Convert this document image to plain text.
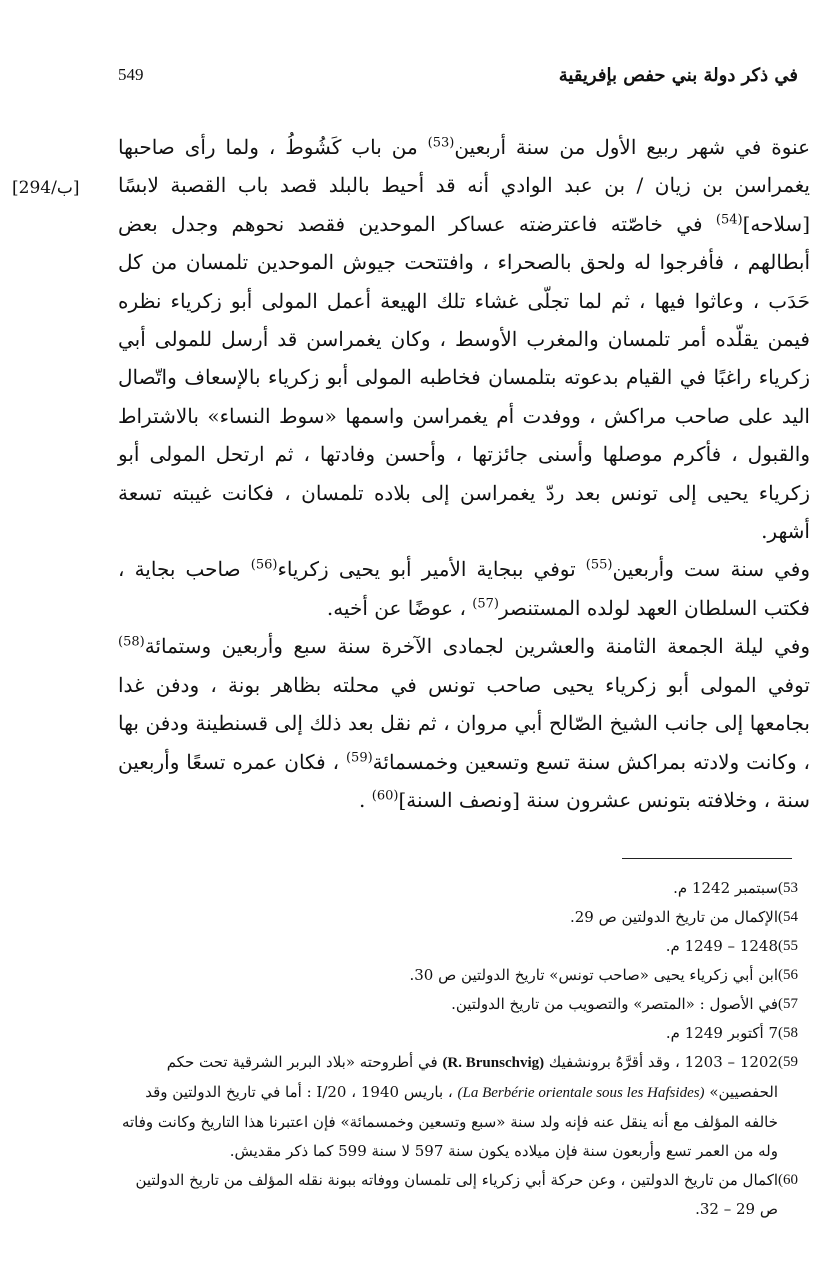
549	في ذكر دولة بني حفص بإفريقية
[294/ب]

عنوة في شهر ربيع الأول من سنة أربعين$^{(53)}$ من باب كَشُوطُ ، ولما رأى صاحبها يغمراسن بن زيان / بن عبد الوادي أنه قد أحيط بالبلد قصد باب القصبة لابسًا [سلاحه]$^{(54)}$ في خاصّته فاعترضته عساكر الموحدين فقصد نحوهم وجدل بعض أبطالهم ، فأفرجوا له ولحق بالصحراء ، وافتتحت جيوش الموحدين تلمسان من كل حَدَب ، وعاثوا فيها ، ثم لما تجلّى غشاء تلك الهيعة أعمل المولى أبو زكرياء نظره فيمن يقلّده أمر تلمسان والمغرب الأوسط ، وكان يغمراسن قد أرسل للمولى أبي زكرياء راغبًا في القيام بدعوته بتلمسان فخاطبه المولى أبو زكرياء بالإسعاف واتّصال اليد على صاحب مراكش ، ووفدت أم يغمراسن واسمها «سوط النساء» بالاشتراط والقبول ، فأكرم موصلها وأسنى جائزتها ، وأحسن وفادتها ، ثم ارتحل المولى أبو زكرياء يحيى إلى تونس بعد ردّ يغمراسن إلى بلاده تلمسان ، فكانت غيبته تسعة أشهر.

وفي سنة ست وأربعين$^{(55)}$ توفي ببجاية الأمير أبو يحيى زكرياء$^{(56)}$ صاحب بجاية ، فكتب السلطان العهد لولده المستنصر$^{(57)}$ ، عوضًا عن أخيه.

وفي ليلة الجمعة الثامنة والعشرين لجمادى الآخرة سنة سبع وأربعين وستمائة$^{(58)}$ توفي المولى أبو زكرياء يحيى صاحب تونس في محلته بظاهر بونة ، ودفن غدا بجامعها إلى جانب الشيخ الصّالح أبي مروان ، ثم نقل بعد ذلك إلى قسنطينة ودفن بها ، وكانت ولادته بمراكش سنة تسع وتسعين وخمسمائة$^{(59)}$ ، فكان عمره تسعًا وأربعين سنة ، وخلافته بتونس عشرون سنة [ونصف السنة]$^{(60)}$ .

(53
سبتمبر 1242 م.
(54
الإكمال من تاريخ الدولتين ص 29.
(55
1248 – 1249 م.
(56
ابن أبي زكرياء يحيى «صاحب تونس» تاريخ الدولتين ص 30.
(57
في الأصول : «المتصر» والتصويب من تاريخ الدولتين.
(58
7 أكتوبر 1249 م.
(59
1202 – 1203 ، وقد أقرَّهُ برونشفيك (R. Brunschvig) في أطروحته «بلاد البربر الشرقية تحت حكم الحفصيين» (La Berbérie orientale sous les Hafsides) ، باريس 1940 ، 20/I : أما في تاريخ الدولتين وقد خالفه المؤلف مع أنه ينقل عنه فإنه ولد سنة «سبع وتسعين وخمسمائة» فإن اعتبرنا هذا التاريخ وكانت وفاته وله من العمر تسع وأربعون سنة فإن ميلاده يكون سنة 597 لا سنة 599 كما ذكر مقديش.
(60
اكمال من تاريخ الدولتين ، وعن حركة أبي زكرياء إلى تلمسان ووفاته ببونة نقله المؤلف من تاريخ الدولتين ص 29 – 32.
